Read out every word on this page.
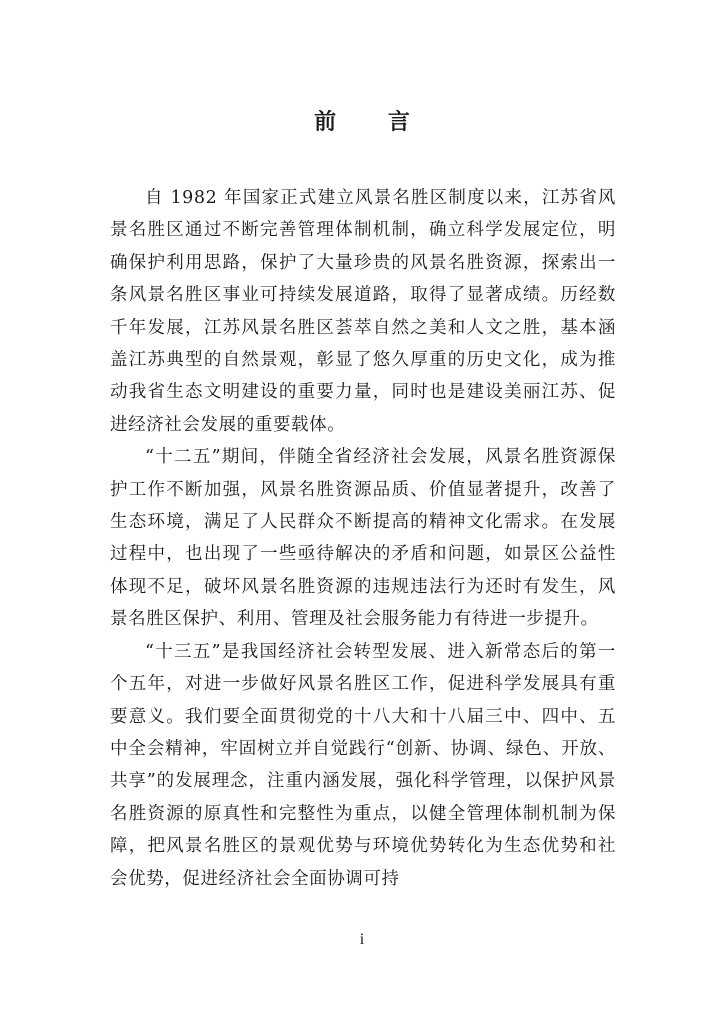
前 言

自 1982 年国家正式建立风景名胜区制度以来，江苏省风景名胜区通过不断完善管理体制机制，确立科学发展定位，明确保护利用思路，保护了大量珍贵的风景名胜资源，探索出一条风景名胜区事业可持续发展道路，取得了显著成绩。历经数千年发展，江苏风景名胜区荟萃自然之美和人文之胜，基本涵盖江苏典型的自然景观，彰显了悠久厚重的历史文化，成为推动我省生态文明建设的重要力量，同时也是建设美丽江苏、促进经济社会发展的重要载体。

“十二五”期间，伴随全省经济社会发展，风景名胜资源保护工作不断加强，风景名胜资源品质、价值显著提升，改善了生态环境，满足了人民群众不断提高的精神文化需求。在发展过程中，也出现了一些亟待解决的矛盾和问题，如景区公益性体现不足，破坏风景名胜资源的违规违法行为还时有发生，风景名胜区保护、利用、管理及社会服务能力有待进一步提升。

“十三五”是我国经济社会转型发展、进入新常态后的第一个五年，对进一步做好风景名胜区工作，促进科学发展具有重要意义。我们要全面贯彻党的十八大和十八届三中、四中、五中全会精神，牢固树立并自觉践行“创新、协调、绿色、开放、共享”的发展理念，注重内涵发展，强化科学管理，以保护风景名胜资源的原真性和完整性为重点，以健全管理体制机制为保障，把风景名胜区的景观优势与环境优势转化为生态优势和社会优势，促进经济社会全面协调可持

i
